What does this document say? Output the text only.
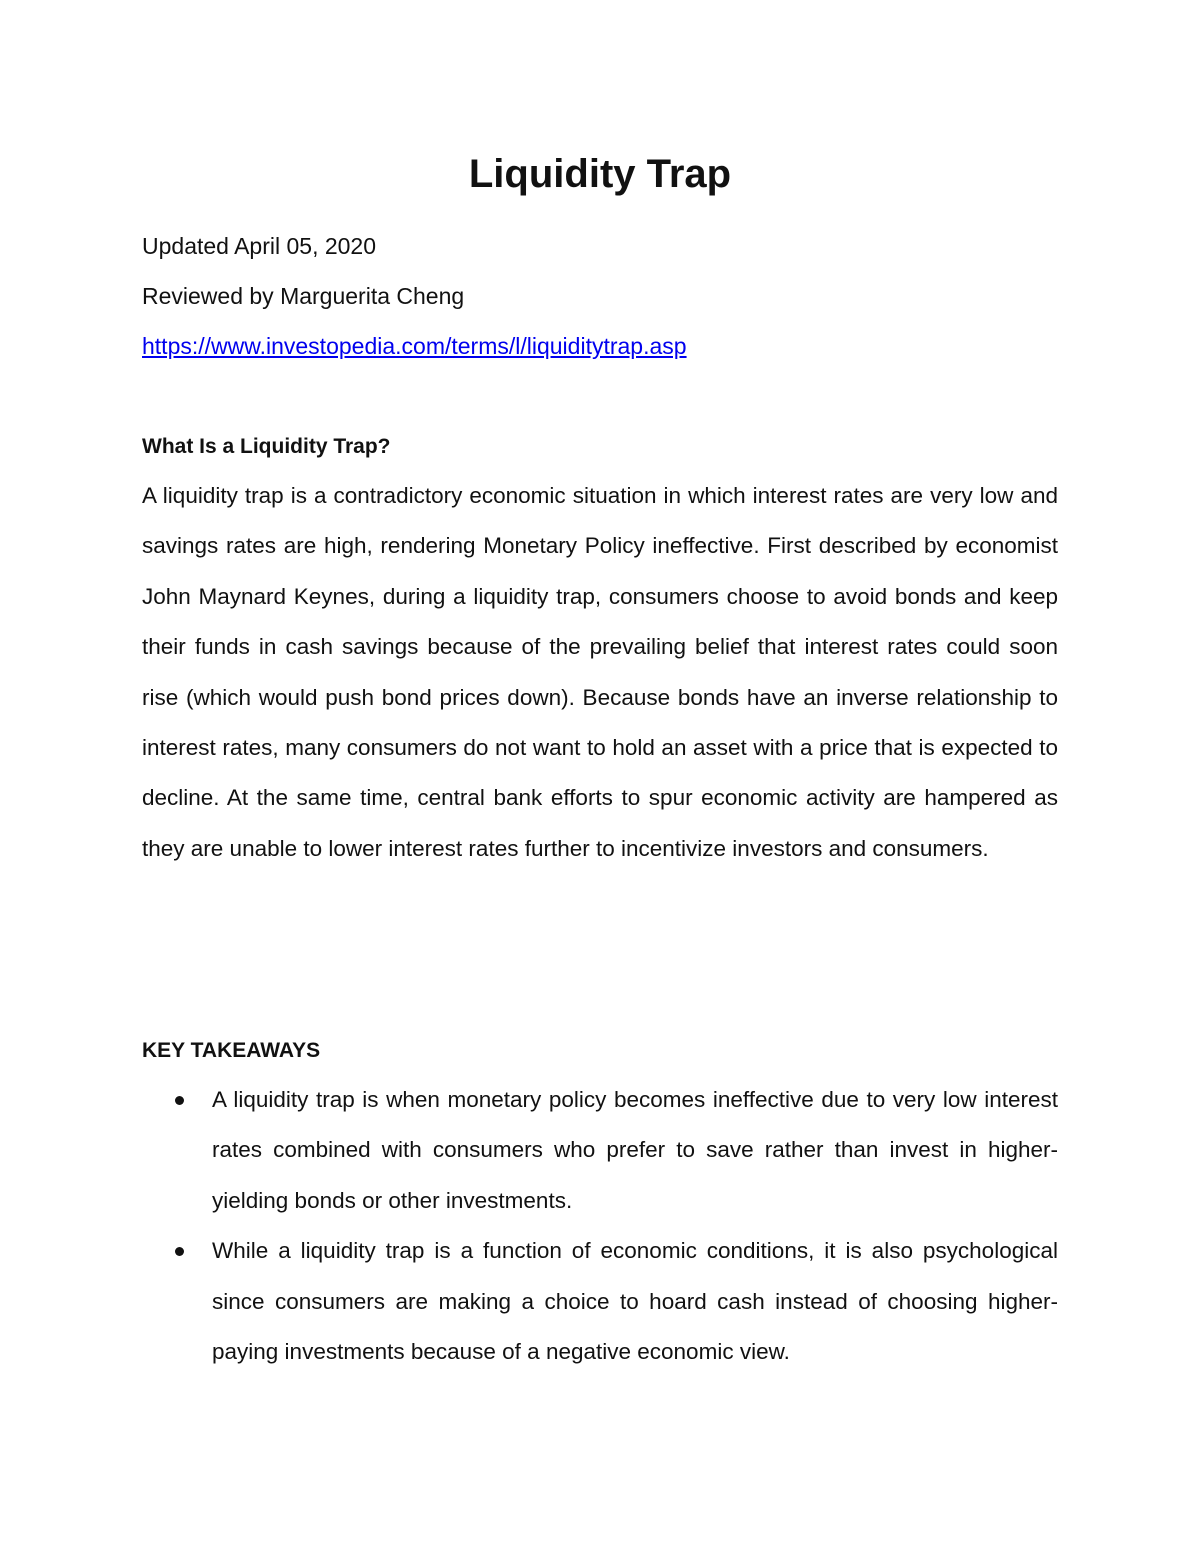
Liquidity Trap

Updated April 05, 2020

Reviewed by Marguerita Cheng

https://www.investopedia.com/terms/l/liquiditytrap.asp
What Is a Liquidity Trap?

A liquidity trap is a contradictory economic situation in which interest rates are very low and savings rates are high, rendering Monetary Policy ineffective. First described by economist John Maynard Keynes, during a liquidity trap, consumers choose to avoid bonds and keep their funds in cash savings because of the prevailing belief that interest rates could soon rise (which would push bond prices down). Because bonds have an inverse relationship to interest rates, many consumers do not want to hold an asset with a price that is expected to decline. At the same time, central bank efforts to spur economic activity are hampered as they are unable to lower interest rates further to incentivize investors and consumers.

KEY TAKEAWAYS
A liquidity trap is when monetary policy becomes ineffective due to very low interest rates combined with consumers who prefer to save rather than invest in higher-yielding bonds or other investments.
While a liquidity trap is a function of economic conditions, it is also psychological since consumers are making a choice to hoard cash instead of choosing higher-paying investments because of a negative economic view.
